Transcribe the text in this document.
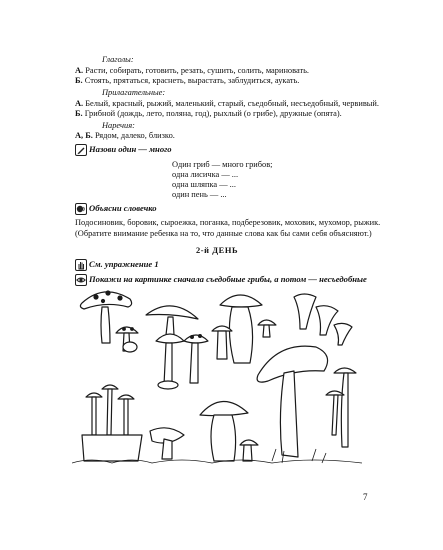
Глаголы:
А. Расти, собирать, готовить, резать, сушить, солить, мариновать.
Б. Стоять, прятаться, краснеть, вырастать, заблудиться, аукать.
Прилагательные:
А. Белый, красный, рыжий, маленький, старый, съедобный, несъедобный, червивый.
Б. Грибной (дождь, лето, поляна, год), рыхлый (о грибе), дружные (опята).
Наречия:
А, Б. Рядом, далеко, близко.
Назови один — много
Один гриб — много грибов;
одна лисичка — ...
одна шляпка — ...
один пень — ...
Объясни словечко
Подосиновик, боровик, сыроежка, поганка, подберезовик, моховик, мухомор, рыжик.
(Обратите внимание ребенка на то, что данные слова как бы сами себя объясняют.)
2-й ДЕНЬ
См. упражнение 1
Покажи на картинке сначала съедобные грибы, а потом — несъедобные
7
